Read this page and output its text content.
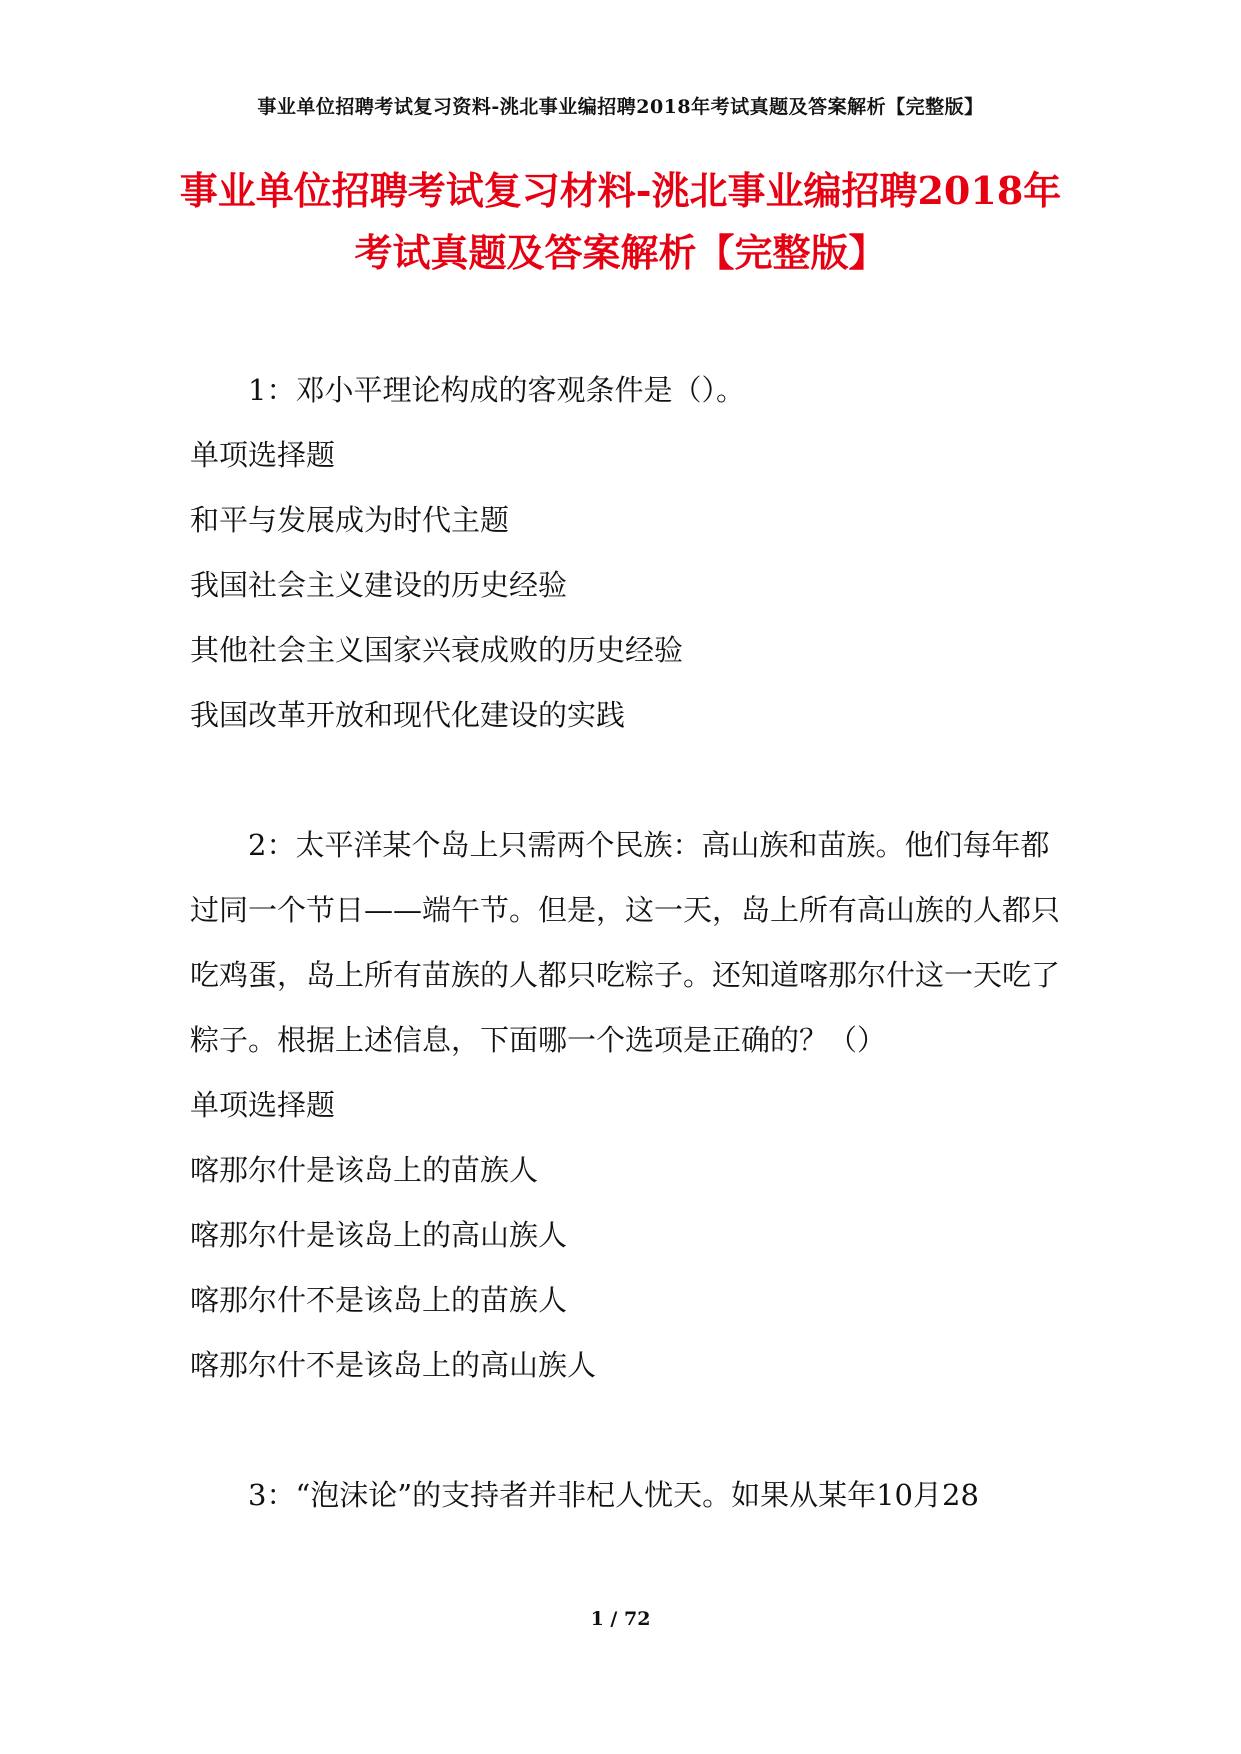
事业单位招聘考试复习资料-洮北事业编招聘2018年考试真题及答案解析【完整版】
事业单位招聘考试复习材料-洮北事业编招聘2018年
考试真题及答案解析【完整版】

1：邓小平理论构成的客观条件是（）。

单项选择题

和平与发展成为时代主题

我国社会主义建设的历史经验

其他社会主义国家兴衰成败的历史经验

我国改革开放和现代化建设的实践

2：太平洋某个岛上只需两个民族：高山族和苗族。他们每年都过同一个节日——端午节。但是，这一天，岛上所有高山族的人都只吃鸡蛋，岛上所有苗族的人都只吃粽子。还知道喀那尔什这一天吃了粽子。根据上述信息，下面哪一个选项是正确的？（）

单项选择题

喀那尔什是该岛上的苗族人

喀那尔什是该岛上的高山族人

喀那尔什不是该岛上的苗族人

喀那尔什不是该岛上的高山族人

3：“泡沫论”的支持者并非杞人忧天。如果从某年10月28

1 / 72
